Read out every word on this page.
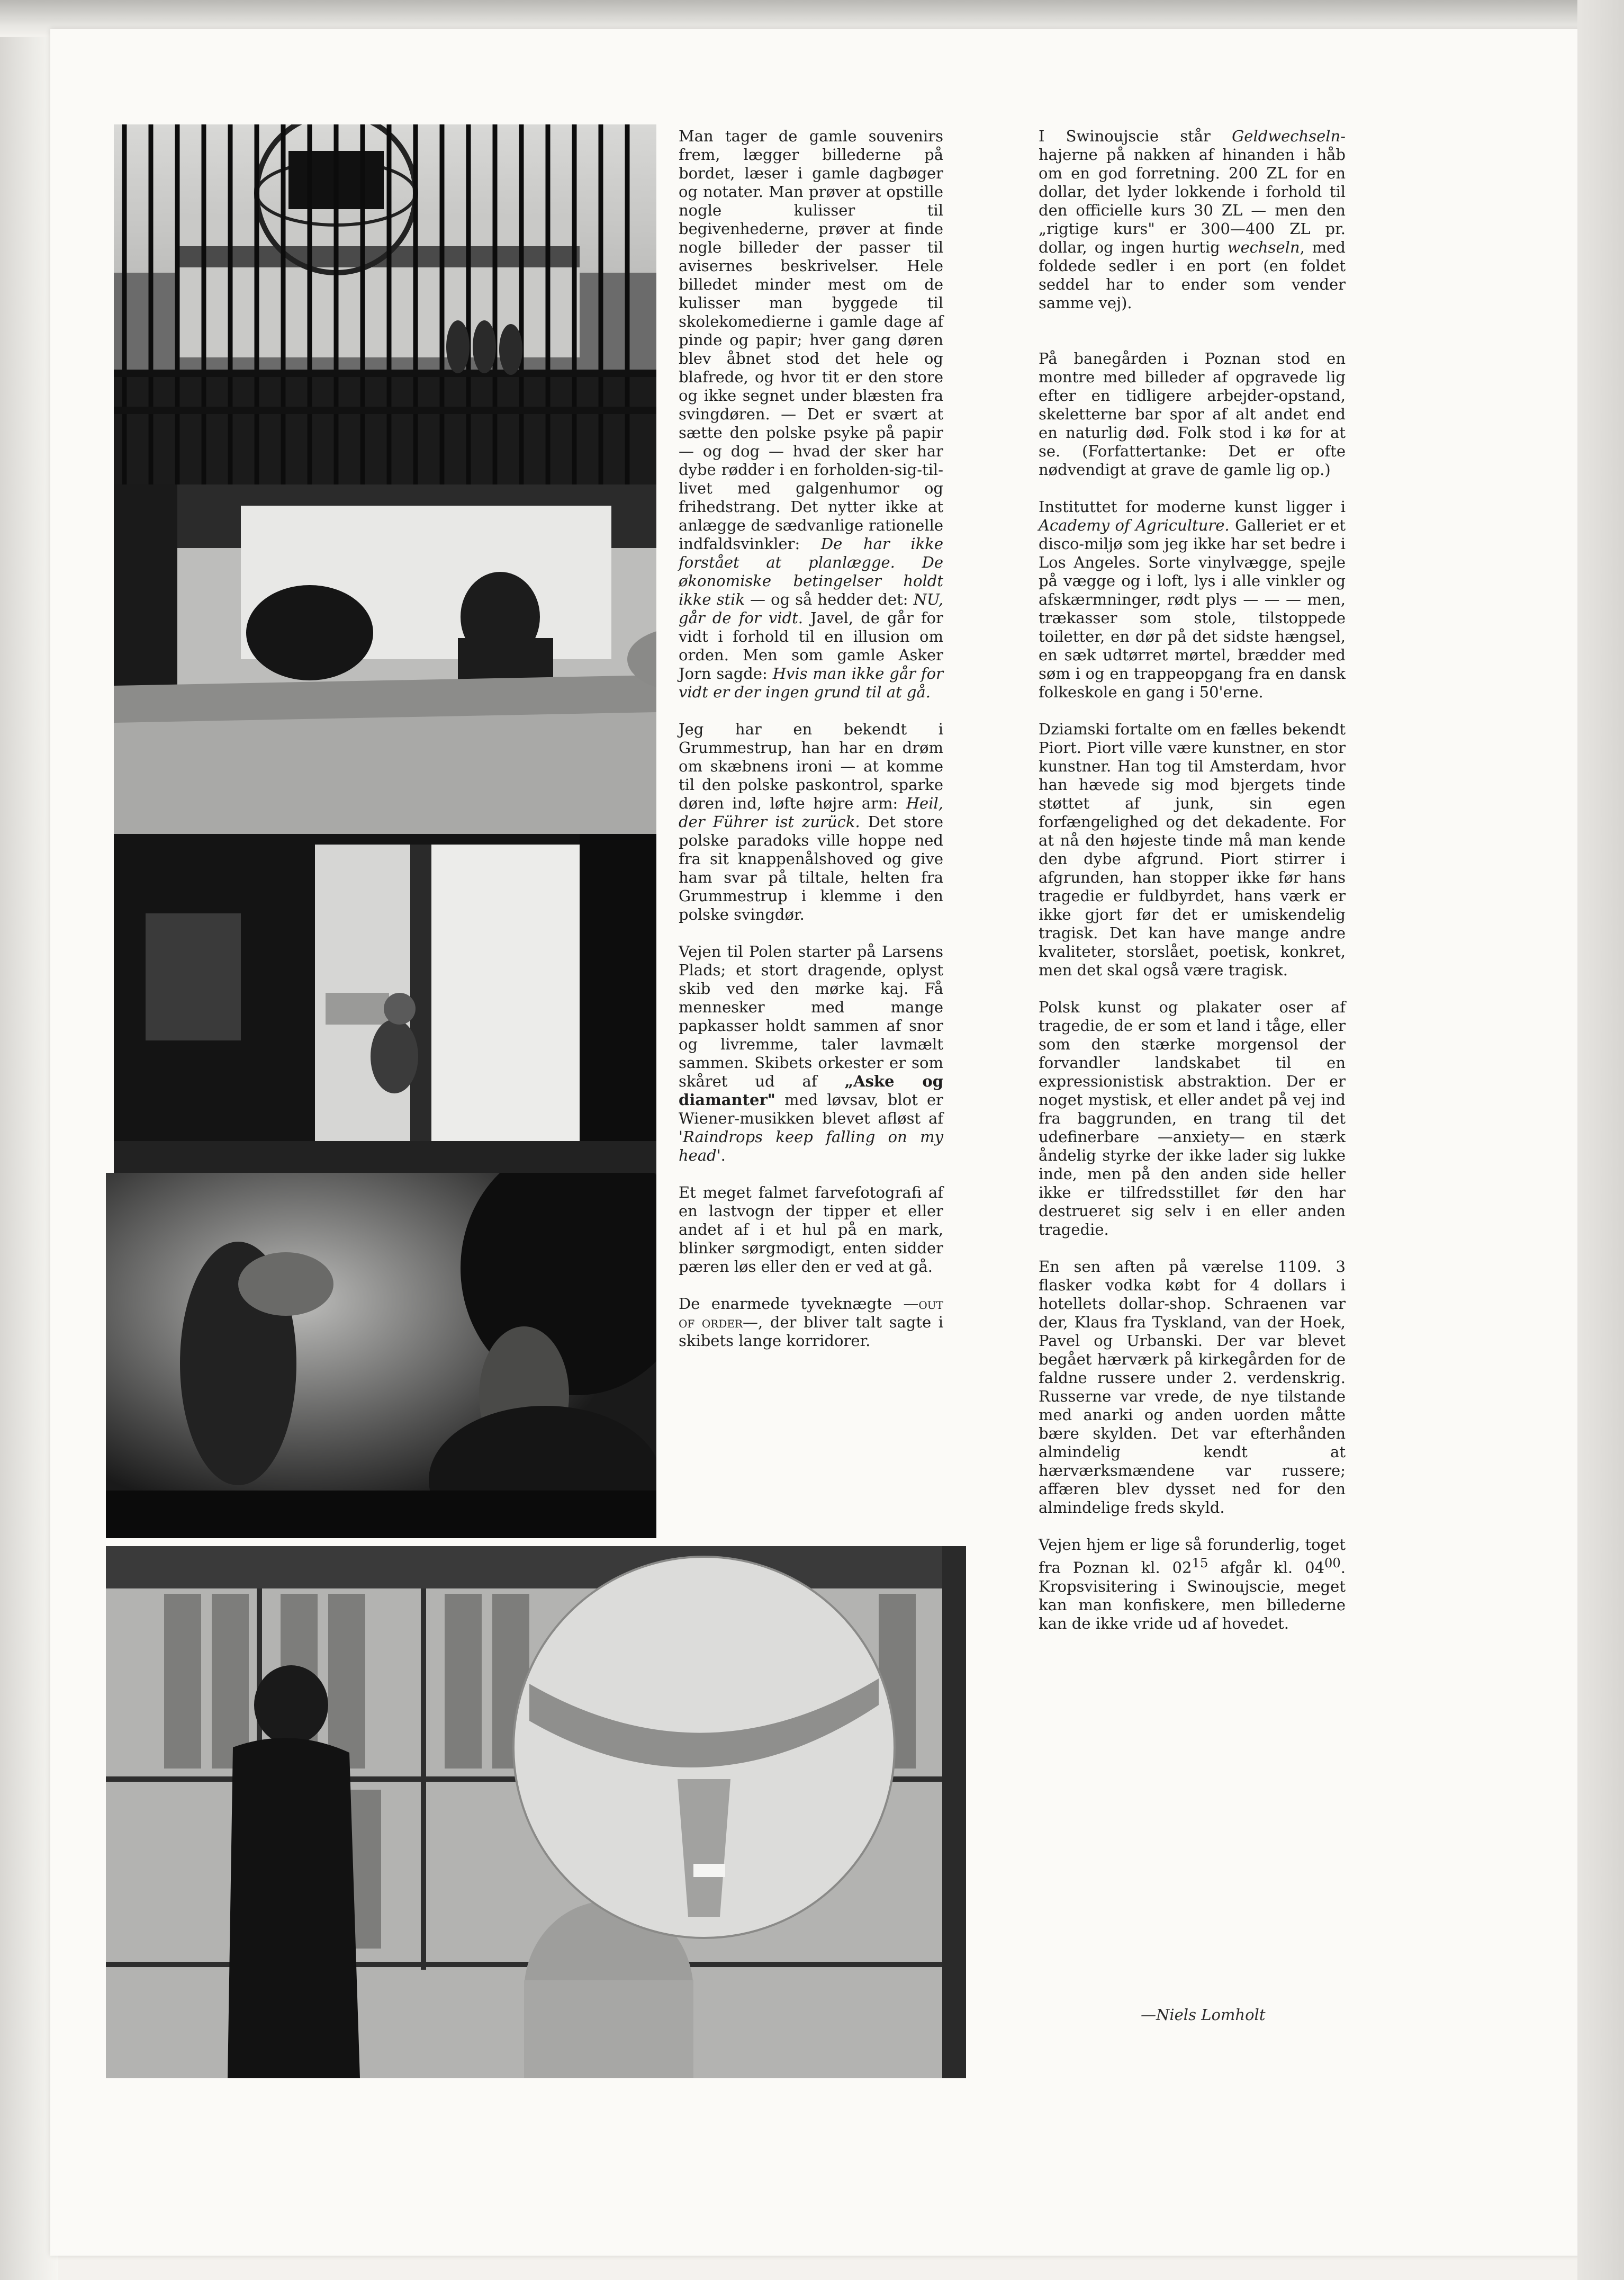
Man tager de gamle souvenirs frem, lægger billederne på bordet, læser i gamle dagbøger og notater. Man prøver at opstille nogle kulisser til begivenhederne, prøver at finde nogle billeder der passer til avisernes beskrivelser. Hele billedet minder mest om de kulisser man byggede til skolekomedierne i gamle dage af pinde og papir; hver gang døren blev åbnet stod det hele og blafrede, og hvor tit er den store og ikke segnet under blæsten fra svingdøren. — Det er svært at sætte den polske psyke på papir — og dog — hvad der sker har dybe rødder i en forholden-sig-til-livet med galgenhumor og frihedstrang. Det nytter ikke at anlægge de sædvanlige rationelle indfaldsvinkler: De har ikke forstået at planlægge. De økonomiske betingelser holdt ikke stik — og så hedder det: NU, går de for vidt. Javel, de går for vidt i forhold til en illusion om orden. Men som gamle Asker Jorn sagde: Hvis man ikke går for vidt er der ingen grund til at gå.

Jeg har en bekendt i Grummestrup, han har en drøm om skæbnens ironi — at komme til den polske paskontrol, sparke døren ind, løfte højre arm: Heil, der Führer ist zurück. Det store polske paradoks ville hoppe ned fra sit knappenålshoved og give ham svar på tiltale, helten fra Grummestrup i klemme i den polske svingdør.

Vejen til Polen starter på Larsens Plads; et stort dragende, oplyst skib ved den mørke kaj. Få mennesker med mange papkasser holdt sammen af snor og livremme, taler lavmælt sammen. Skibets orkester er som skåret ud af „Aske og diamanter" med løvsav, blot er Wiener-musikken blevet afløst af 'Raindrops keep falling on my head'.

Et meget falmet farvefotografi af en lastvogn der tipper et eller andet af i et hul på en mark, blinker sørgmodigt, enten sidder pæren løs eller den er ved at gå.

De enarmede tyveknægte —out of order—, der bliver talt sagte i skibets lange korridorer.

I Swinoujscie står Geldwechseln-hajerne på nakken af hinanden i håb om en god forretning. 200 ZL for en dollar, det lyder lokkende i forhold til den officielle kurs 30 ZL — men den „rigtige kurs" er 300—400 ZL pr. dollar, og ingen hurtig wechseln, med foldede sedler i en port (en foldet seddel har to ender som vender samme vej).

På banegården i Poznan stod en montre med billeder af opgravede lig efter en tidligere arbejder-opstand, skeletterne bar spor af alt andet end en naturlig død. Folk stod i kø for at se. (Forfattertanke: Det er ofte nødvendigt at grave de gamle lig op.)

Instituttet for moderne kunst ligger i Academy of Agriculture. Galleriet er et disco-miljø som jeg ikke har set bedre i Los Angeles. Sorte vinylvægge, spejle på vægge og i loft, lys i alle vinkler og afskærmninger, rødt plys — — — men, trækasser som stole, tilstoppede toiletter, en dør på det sidste hængsel, en sæk udtørret mørtel, brædder med søm i og en trappeopgang fra en dansk folkeskole en gang i 50'erne.

Dziamski fortalte om en fælles bekendt Piort. Piort ville være kunstner, en stor kunstner. Han tog til Amsterdam, hvor han hævede sig mod bjergets tinde støttet af junk, sin egen forfængelighed og det dekadente. For at nå den højeste tinde må man kende den dybe afgrund. Piort stirrer i afgrunden, han stopper ikke før hans tragedie er fuldbyrdet, hans værk er ikke gjort før det er umiskendelig tragisk. Det kan have mange andre kvaliteter, storslået, poetisk, konkret, men det skal også være tragisk.

Polsk kunst og plakater oser af tragedie, de er som et land i tåge, eller som den stærke morgensol der forvandler landskabet til en expressionistisk abstraktion. Der er noget mystisk, et eller andet på vej ind fra baggrunden, en trang til det udefinerbare —anxiety— en stærk åndelig styrke der ikke lader sig lukke inde, men på den anden side heller ikke er tilfredsstillet før den har destrueret sig selv i en eller anden tragedie.

En sen aften på værelse 1109. 3 flasker vodka købt for 4 dollars i hotellets dollar-shop. Schraenen var der, Klaus fra Tyskland, van der Hoek, Pavel og Urbanski. Der var blevet begået hærværk på kirkegården for de faldne russere under 2. verdenskrig. Russerne var vrede, de nye tilstande med anarki og anden uorden måtte bære skylden. Det var efterhånden almindelig kendt at hærværksmændene var russere; affæren blev dysset ned for den almindelige freds skyld.

Vejen hjem er lige så forunderlig, toget fra Poznan kl. $02^{15}$ afgår kl. $04^{00}$. Kropsvisitering i Swinoujscie, meget kan man konfiskere, men billederne kan de ikke vride ud af hovedet.

—Niels Lomholt
